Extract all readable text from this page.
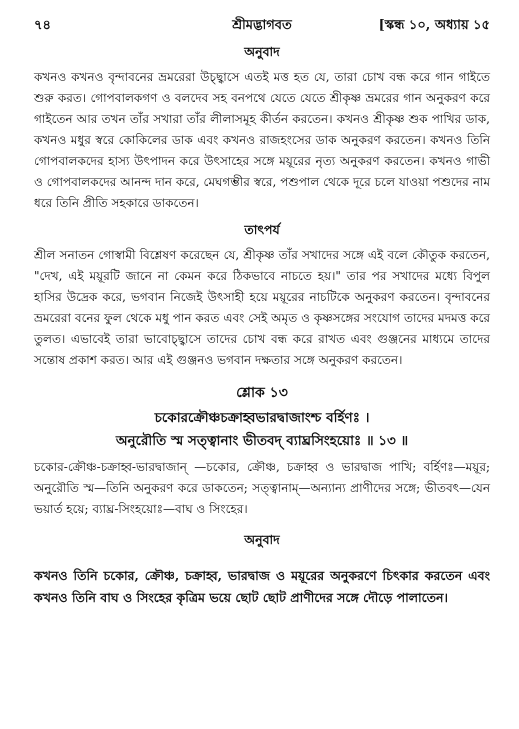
৭৪	শ্রীমদ্ভাগবত	[স্কন্ধ ১০, অধ্যায় ১৫
অনুবাদ

কখনও কখনও বৃন্দাবনের ভ্রমরেরা উচ্ছ্বাসে এতই মত্ত হত যে, তারা চোখ বন্ধ করে গান গাইতে শুরু করত। গোপবালকগণ ও বলদেব সহ বনপথে যেতে যেতে শ্রীকৃষ্ণ ভ্রমরের গান অনুকরণ করে গাইতেন আর তখন তাঁর সখারা তাঁর লীলাসমূহ কীর্তন করতেন। কখনও শ্রীকৃষ্ণ শুক পাখির ডাক, কখনও মধুর স্বরে কোকিলের ডাক এবং কখনও রাজহংসের ডাক অনুকরণ করতেন। কখনও তিনি গোপবালকদের হাস্য উৎপাদন করে উৎসাহের সঙ্গে ময়ূরের নৃত্য অনুকরণ করতেন। কখনও গাভী ও গোপবালকদের আনন্দ দান করে, মেঘগম্ভীর স্বরে, পশুপাল থেকে দূরে চলে যাওয়া পশুদের নাম ধরে তিনি প্রীতি সহকারে ডাকতেন।

তাৎপর্য

শ্রীল সনাতন গোস্বামী বিশ্লেষণ করেছেন যে, শ্রীকৃষ্ণ তাঁর সখাদের সঙ্গে এই বলে কৌতুক করতেন, "দেখ, এই ময়ূরটি জানে না কেমন করে ঠিকভাবে নাচতে হয়।" তার পর সখাদের মধ্যে বিপুল হাসির উদ্রেক করে, ভগবান নিজেই উৎসাহী হয়ে ময়ূরের নাচটিকে অনুকরণ করতেন। বৃন্দাবনের ভ্রমরেরা বনের ফুল থেকে মধু পান করত এবং সেই অমৃত ও কৃষ্ণসঙ্গের সংযোগ তাদের মদমত্ত করে তুলত। এভাবেই তারা ভাবোচ্ছ্বাসে তাদের চোখ বন্ধ করে রাখত এবং গুঞ্জনের মাধ্যমে তাদের সন্তোষ প্রকাশ করত। আর এই গুঞ্জনও ভগবান দক্ষতার সঙ্গে অনুকরণ করতেন।

শ্লোক ১৩
চকোরক্রৌঞ্চচক্রাহ্বভারদ্বাজাংশ্চ বর্হিণঃ ।
অনুরৌতি স্ম সত্ত্বানাং ভীতবদ্ ব্যাঘ্রসিংহয়োঃ ॥ ১৩ ॥

চকোর-ক্রৌঞ্চ-চক্রাহ্ব-ভারদ্বাজান্ —চকোর, ক্রৌঞ্চ, চক্রাহ্ব ও ভারদ্বাজ পাখি; বর্হিণঃ—ময়ূর; অনুরৌতি স্ম—তিনি অনুকরণ করে ডাকতেন; সত্ত্বানাম্—অন্যান্য প্রাণীদের সঙ্গে; ভীতবৎ—যেন ভয়ার্ত হয়ে; ব্যাঘ্র-সিংহয়োঃ—বাঘ ও সিংহের।

অনুবাদ

কখনও তিনি চকোর, ক্রৌঞ্চ, চক্রাহ্ব, ভারদ্বাজ ও ময়ূরের অনুকরণে চিৎকার করতেন এবং কখনও তিনি বাঘ ও সিংহের কৃত্রিম ভয়ে ছোট ছোট প্রাণীদের সঙ্গে দৌড়ে পালাতেন।
